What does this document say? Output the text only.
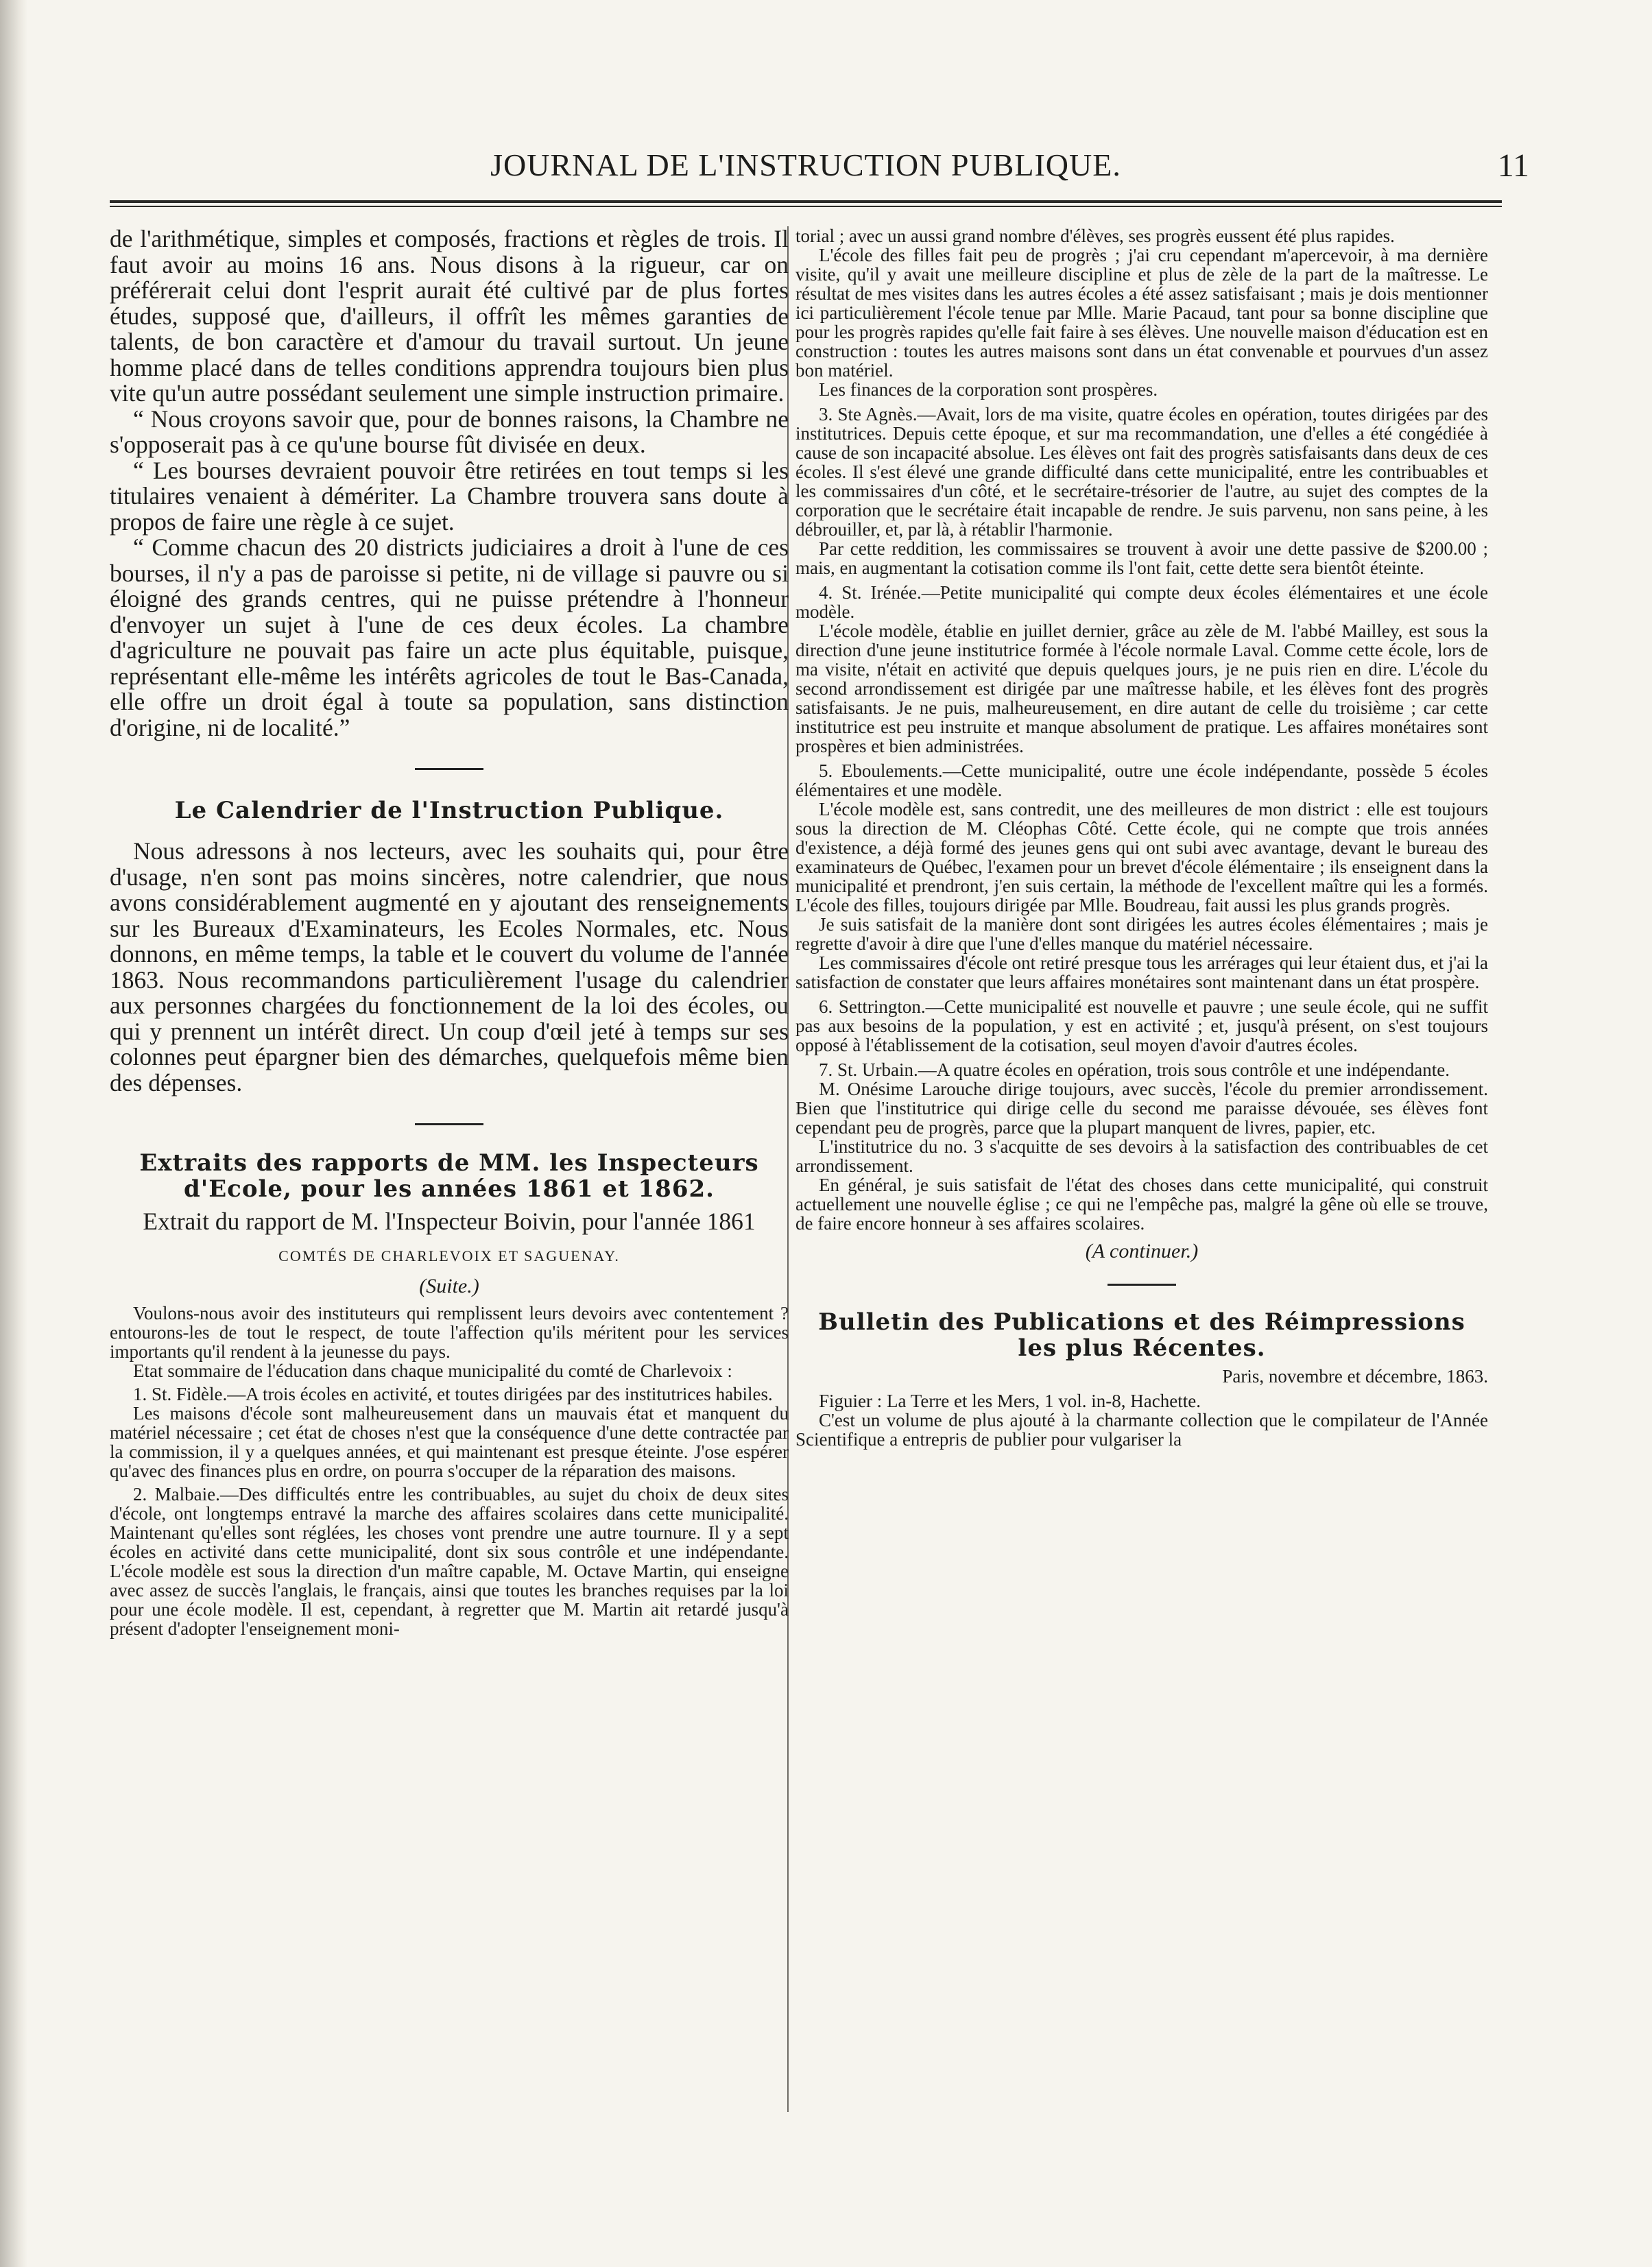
JOURNAL DE L'INSTRUCTION PUBLIQUE.	11

de l'arithmétique, simples et composés, fractions et règles de trois. Il faut avoir au moins 16 ans. Nous disons à la rigueur, car on préférerait celui dont l'esprit aurait été cultivé par de plus fortes études, supposé que, d'ailleurs, il offrît les mêmes garanties de talents, de bon caractère et d'amour du travail surtout. Un jeune homme placé dans de telles conditions apprendra toujours bien plus vite qu'un autre possédant seulement une simple instruction primaire.

“ Nous croyons savoir que, pour de bonnes raisons, la Chambre ne s'opposerait pas à ce qu'une bourse fût divisée en deux.

“ Les bourses devraient pouvoir être retirées en tout temps si les titulaires venaient à démériter. La Chambre trouvera sans doute à propos de faire une règle à ce sujet.

“ Comme chacun des 20 districts judiciaires a droit à l'une de ces bourses, il n'y a pas de paroisse si petite, ni de village si pauvre ou si éloigné des grands centres, qui ne puisse prétendre à l'honneur d'envoyer un sujet à l'une de ces deux écoles. La chambre d'agriculture ne pouvait pas faire un acte plus équitable, puisque, représentant elle-même les intérêts agricoles de tout le Bas-Canada, elle offre un droit égal à toute sa population, sans distinction d'origine, ni de localité.”

Le Calendrier de l'Instruction Publique.

Nous adressons à nos lecteurs, avec les souhaits qui, pour être d'usage, n'en sont pas moins sincères, notre calendrier, que nous avons considérablement augmenté en y ajoutant des renseignements sur les Bureaux d'Examinateurs, les Ecoles Normales, etc. Nous donnons, en même temps, la table et le couvert du volume de l'année 1863. Nous recommandons particulièrement l'usage du calendrier aux personnes chargées du fonctionnement de la loi des écoles, ou qui y prennent un intérêt direct. Un coup d'œil jeté à temps sur ses colonnes peut épargner bien des démarches, quelquefois même bien des dépenses.

Extraits des rapports de MM. les Inspecteurs d'Ecole, pour les années 1861 et 1862.

Extrait du rapport de M. l'Inspecteur Boivin, pour l'année 1861

COMTÉS DE CHARLEVOIX ET SAGUENAY.

(Suite.)

Voulons-nous avoir des instituteurs qui remplissent leurs devoirs avec contentement ? entourons-les de tout le respect, de toute l'affection qu'ils méritent pour les services importants qu'il rendent à la jeunesse du pays.

Etat sommaire de l'éducation dans chaque municipalité du comté de Charlevoix :

1. St. Fidèle.—A trois écoles en activité, et toutes dirigées par des institutrices habiles.

Les maisons d'école sont malheureusement dans un mauvais état et manquent du matériel nécessaire ; cet état de choses n'est que la conséquence d'une dette contractée par la commission, il y a quelques années, et qui maintenant est presque éteinte. J'ose espérer qu'avec des finances plus en ordre, on pourra s'occuper de la réparation des maisons.

2. Malbaie.—Des difficultés entre les contribuables, au sujet du choix de deux sites d'école, ont longtemps entravé la marche des affaires scolaires dans cette municipalité. Maintenant qu'elles sont réglées, les choses vont prendre une autre tournure. Il y a sept écoles en activité dans cette municipalité, dont six sous contrôle et une indépendante. L'école modèle est sous la direction d'un maître capable, M. Octave Martin, qui enseigne avec assez de succès l'anglais, le français, ainsi que toutes les branches requises par la loi pour une école modèle. Il est, cependant, à regretter que M. Martin ait retardé jusqu'à présent d'adopter l'enseignement moni-

torial ; avec un aussi grand nombre d'élèves, ses progrès eussent été plus rapides.

L'école des filles fait peu de progrès ; j'ai cru cependant m'apercevoir, à ma dernière visite, qu'il y avait une meilleure discipline et plus de zèle de la part de la maîtresse. Le résultat de mes visites dans les autres écoles a été assez satisfaisant ; mais je dois mentionner ici particulièrement l'école tenue par Mlle. Marie Pacaud, tant pour sa bonne discipline que pour les progrès rapides qu'elle fait faire à ses élèves. Une nouvelle maison d'éducation est en construction : toutes les autres maisons sont dans un état convenable et pourvues d'un assez bon matériel.

Les finances de la corporation sont prospères.

3. Ste Agnès.—Avait, lors de ma visite, quatre écoles en opération, toutes dirigées par des institutrices. Depuis cette époque, et sur ma recommandation, une d'elles a été congédiée à cause de son incapacité absolue. Les élèves ont fait des progrès satisfaisants dans deux de ces écoles. Il s'est élevé une grande difficulté dans cette municipalité, entre les contribuables et les commissaires d'un côté, et le secrétaire-trésorier de l'autre, au sujet des comptes de la corporation que le secrétaire était incapable de rendre. Je suis parvenu, non sans peine, à les débrouiller, et, par là, à rétablir l'harmonie.

Par cette reddition, les commissaires se trouvent à avoir une dette passive de $200.00 ; mais, en augmentant la cotisation comme ils l'ont fait, cette dette sera bientôt éteinte.

4. St. Irénée.—Petite municipalité qui compte deux écoles élémentaires et une école modèle.

L'école modèle, établie en juillet dernier, grâce au zèle de M. l'abbé Mailley, est sous la direction d'une jeune institutrice formée à l'école normale Laval. Comme cette école, lors de ma visite, n'était en activité que depuis quelques jours, je ne puis rien en dire. L'école du second arrondissement est dirigée par une maîtresse habile, et les élèves font des progrès satisfaisants. Je ne puis, malheureusement, en dire autant de celle du troisième ; car cette institutrice est peu instruite et manque absolument de pratique. Les affaires monétaires sont prospères et bien administrées.

5. Eboulements.—Cette municipalité, outre une école indépendante, possède 5 écoles élémentaires et une modèle.

L'école modèle est, sans contredit, une des meilleures de mon district : elle est toujours sous la direction de M. Cléophas Côté. Cette école, qui ne compte que trois années d'existence, a déjà formé des jeunes gens qui ont subi avec avantage, devant le bureau des examinateurs de Québec, l'examen pour un brevet d'école élémentaire ; ils enseignent dans la municipalité et prendront, j'en suis certain, la méthode de l'excellent maître qui les a formés. L'école des filles, toujours dirigée par Mlle. Boudreau, fait aussi les plus grands progrès.

Je suis satisfait de la manière dont sont dirigées les autres écoles élémentaires ; mais je regrette d'avoir à dire que l'une d'elles manque du matériel nécessaire.

Les commissaires d'école ont retiré presque tous les arrérages qui leur étaient dus, et j'ai la satisfaction de constater que leurs affaires monétaires sont maintenant dans un état prospère.

6. Settrington.—Cette municipalité est nouvelle et pauvre ; une seule école, qui ne suffit pas aux besoins de la population, y est en activité ; et, jusqu'à présent, on s'est toujours opposé à l'établissement de la cotisation, seul moyen d'avoir d'autres écoles.

7. St. Urbain.—A quatre écoles en opération, trois sous contrôle et une indépendante.

M. Onésime Larouche dirige toujours, avec succès, l'école du premier arrondissement. Bien que l'institutrice qui dirige celle du second me paraisse dévouée, ses élèves font cependant peu de progrès, parce que la plupart manquent de livres, papier, etc.

L'institutrice du no. 3 s'acquitte de ses devoirs à la satisfaction des contribuables de cet arrondissement.

En général, je suis satisfait de l'état des choses dans cette municipalité, qui construit actuellement une nouvelle église ; ce qui ne l'empêche pas, malgré la gêne où elle se trouve, de faire encore honneur à ses affaires scolaires.

(A continuer.)

Bulletin des Publications et des Réimpressions les plus Récentes.

Paris, novembre et décembre, 1863.

Figuier : La Terre et les Mers, 1 vol. in-8, Hachette.

C'est un volume de plus ajouté à la charmante collection que le compilateur de l'Année Scientifique a entrepris de publier pour vulgariser la
